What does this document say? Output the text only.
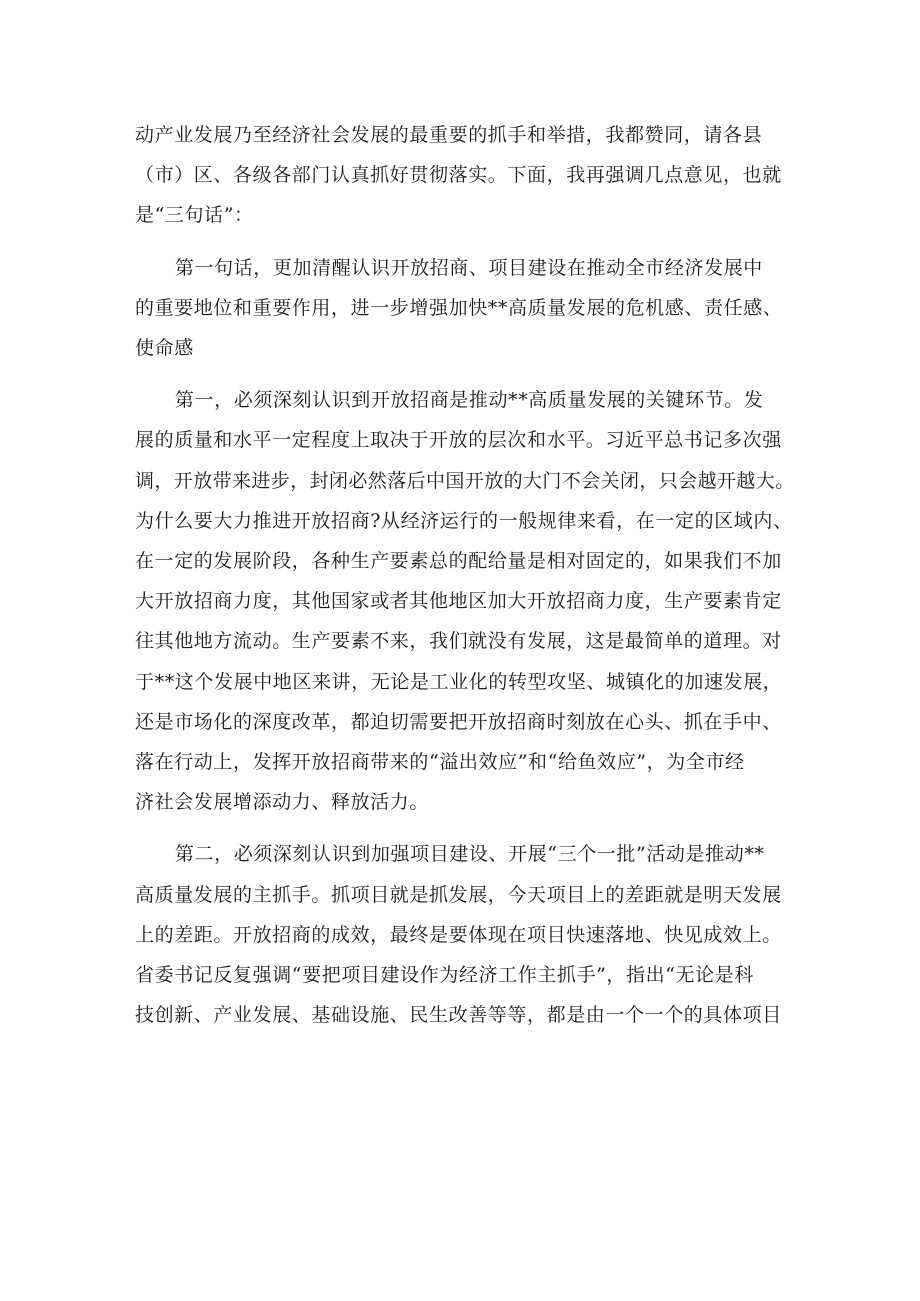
动产业发展乃至经济社会发展的最重要的抓手和举措，我都赞同，请各县
（市）区、各级各部门认真抓好贯彻落实。下面，我再强调几点意见，也就
是“三句话”：

第一句话，更加清醒认识开放招商、项目建设在推动全市经济发展中
的重要地位和重要作用，进一步增强加快**高质量发展的危机感、责任感、
使命感

第一，必须深刻认识到开放招商是推动**高质量发展的关键环节。发
展的质量和水平一定程度上取决于开放的层次和水平。习近平总书记多次强
调，开放带来进步，封闭必然落后中国开放的大门不会关闭，只会越开越大。
为什么要大力推进开放招商?从经济运行的一般规律来看，在一定的区域内、
在一定的发展阶段，各种生产要素总的配给量是相对固定的，如果我们不加
大开放招商力度，其他国家或者其他地区加大开放招商力度，生产要素肯定
往其他地方流动。生产要素不来，我们就没有发展，这是最简单的道理。对
于**这个发展中地区来讲，无论是工业化的转型攻坚、城镇化的加速发展，
还是市场化的深度改革，都迫切需要把开放招商时刻放在心头、抓在手中、
落在行动上，发挥开放招商带来的“溢出效应”和“给鱼效应”，为全市经
济社会发展增添动力、释放活力。

第二，必须深刻认识到加强项目建设、开展“三个一批”活动是推动**
高质量发展的主抓手。抓项目就是抓发展，今天项目上的差距就是明天发展
上的差距。开放招商的成效，最终是要体现在项目快速落地、快见成效上。
省委书记反复强调“要把项目建设作为经济工作主抓手”，指出“无论是科
技创新、产业发展、基础设施、民生改善等等，都是由一个一个的具体项目
